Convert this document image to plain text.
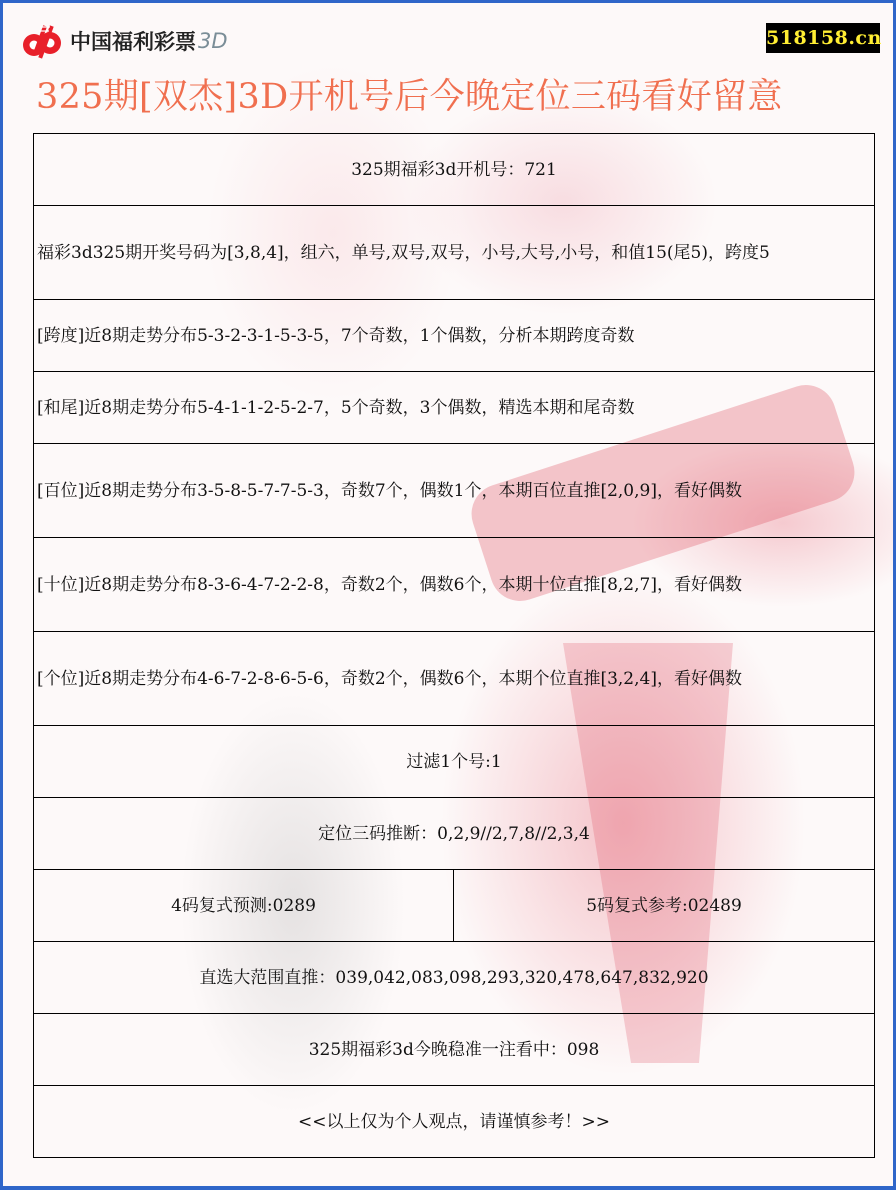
中国福利彩票 3D	518158.cn
325期[双杰]3D开机号后今晚定位三码看好留意
325期福彩3d开机号：721
福彩3d325期开奖号码为[3,8,4]，组六，单号,双号,双号，小号,大号,小号，和值15(尾5)，跨度5
[跨度]近8期走势分布5-3-2-3-1-5-3-5，7个奇数，1个偶数，分析本期跨度奇数
[和尾]近8期走势分布5-4-1-1-2-5-2-7，5个奇数，3个偶数，精选本期和尾奇数
[百位]近8期走势分布3-5-8-5-7-7-5-3，奇数7个，偶数1个，本期百位直推[2,0,9]，看好偶数
[十位]近8期走势分布8-3-6-4-7-2-2-8，奇数2个，偶数6个，本期十位直推[8,2,7]，看好偶数
[个位]近8期走势分布4-6-7-2-8-6-5-6，奇数2个，偶数6个，本期个位直推[3,2,4]，看好偶数
过滤1个号:1
定位三码推断：0,2,9//2,7,8//2,3,4
4码复式预测:0289	5码复式参考:02489
直选大范围直推：039,042,083,098,293,320,478,647,832,920
325期福彩3d今晚稳准一注看中：098
<<以上仅为个人观点，请谨慎参考！>>
